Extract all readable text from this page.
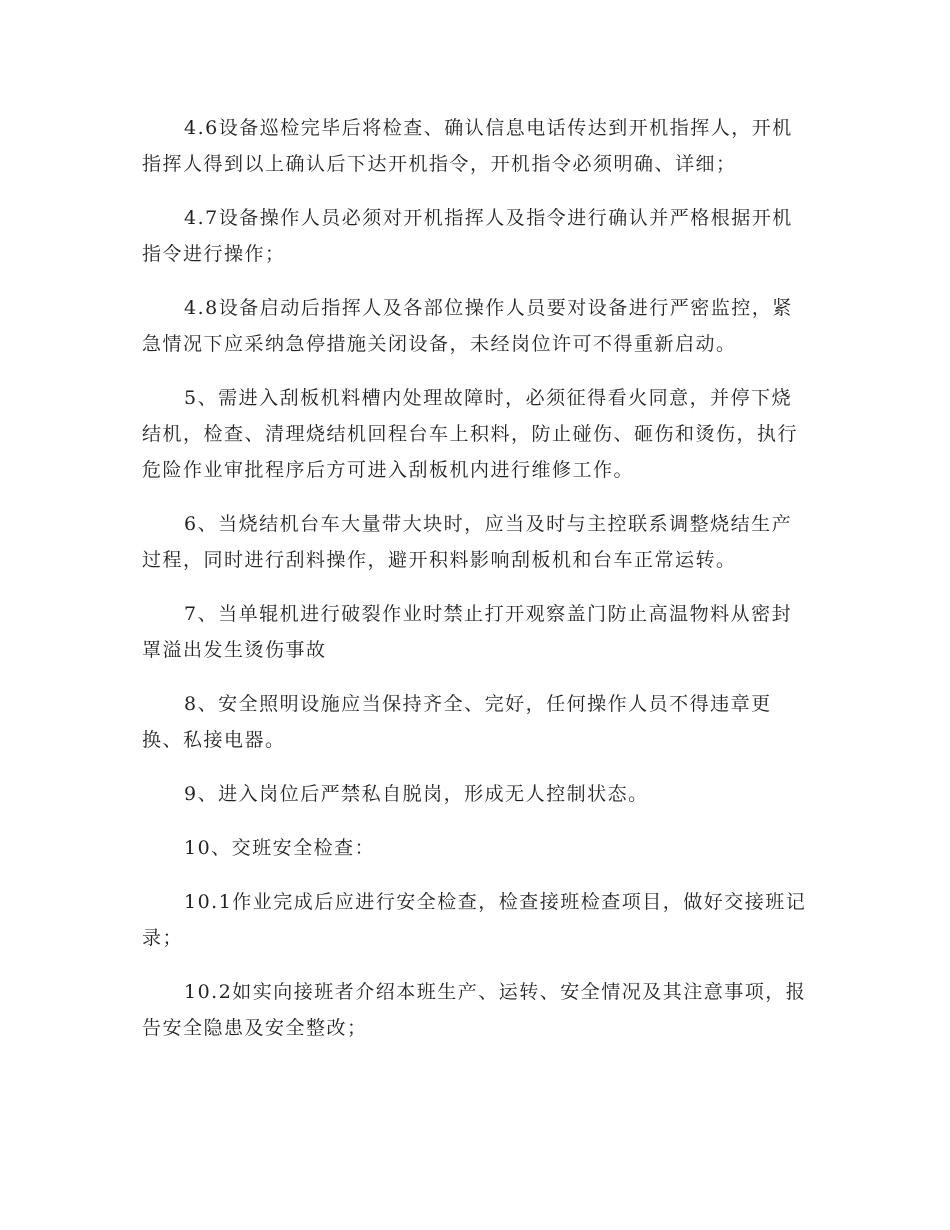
4.6设备巡检完毕后将检查、确认信息电话传达到开机指挥人，开机指挥人得到以上确认后下达开机指令，开机指令必须明确、详细；

4.7设备操作人员必须对开机指挥人及指令进行确认并严格根据开机指令进行操作；

4.8设备启动后指挥人及各部位操作人员要对设备进行严密监控，紧急情况下应采纳急停措施关闭设备，未经岗位许可不得重新启动。

5、需进入刮板机料槽内处理故障时，必须征得看火同意，并停下烧结机，检查、清理烧结机回程台车上积料，防止碰伤、砸伤和烫伤，执行危险作业审批程序后方可进入刮板机内进行维修工作。

6、当烧结机台车大量带大块时，应当及时与主控联系调整烧结生产过程，同时进行刮料操作，避开积料影响刮板机和台车正常运转。

7、当单辊机进行破裂作业时禁止打开观察盖门防止高温物料从密封罩溢出发生烫伤事故

8、安全照明设施应当保持齐全、完好，任何操作人员不得违章更换、私接电器。

9、进入岗位后严禁私自脱岗，形成无人控制状态。

10、交班安全检查：

10.1作业完成后应进行安全检查，检查接班检查项目，做好交接班记录；

10.2如实向接班者介绍本班生产、运转、安全情况及其注意事项，报告安全隐患及安全整改；
